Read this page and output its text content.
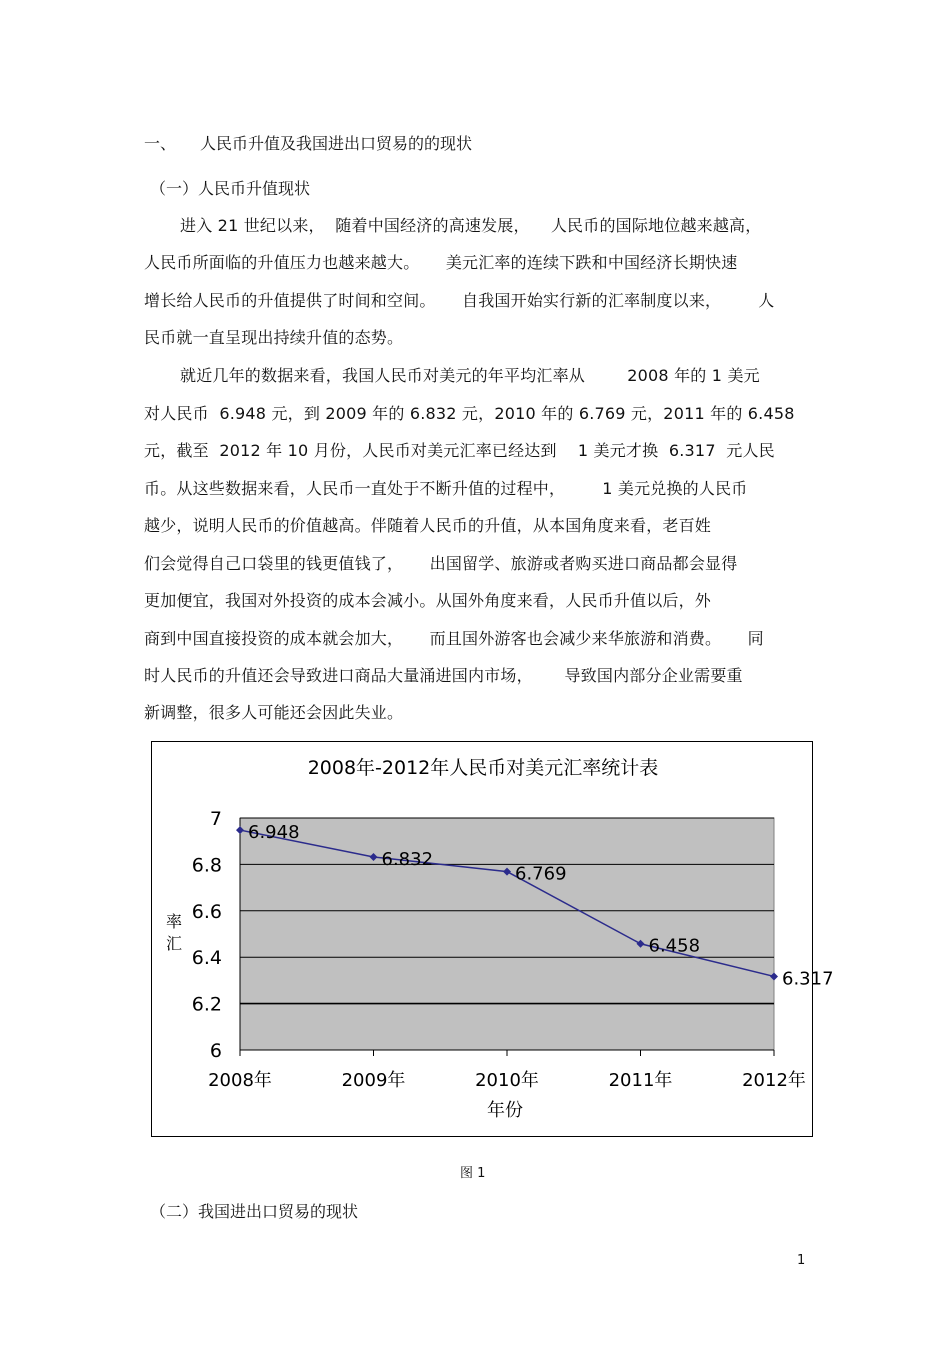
一、 人民币升值及我国进出口贸易的的现状
（一）人民币升值现状
进入 21 世纪以来，  随着中国经济的高速发展，    人民币的国际地位越来越高，
人民币所面临的升值压力也越来越大。     美元汇率的连续下跌和中国经济长期快速
增长给人民币的升值提供了时间和空间。     自我国开始实行新的汇率制度以来，       人
民币就一直呈现出持续升值的态势。
就近几年的数据来看，我国人民币对美元的年平均汇率从        2008 年的 1 美元
对人民币  6.948 元，到 2009 年的 6.832 元，2010 年的 6.769 元，2011 年的 6.458
元，截至  2012 年 10 月份，人民币对美元汇率已经达到    1 美元才换  6.317  元人民
币。从这些数据来看，人民币一直处于不断升值的过程中，       1 美元兑换的人民币
越少，说明人民币的价值越高。伴随着人民币的升值，从本国角度来看，老百姓
们会觉得自己口袋里的钱更值钱了，     出国留学、旅游或者购买进口商品都会显得
更加便宜，我国对外投资的成本会减小。从国外角度来看，人民币升值以后，外
商到中国直接投资的成本就会加大，     而且国外游客也会减少来华旅游和消费。     同
时人民币的升值还会导致进口商品大量涌进国内市场，      导致国内部分企业需要重
新调整，很多人可能还会因此失业。
2008年-2012年人民币对美元汇率统计表
6
6.2
6.4
6.6
6.8
7
2008年	2009年	2010年	2011年	2012年
年份
率
汇
6.948
6.832
6.769
6.458
6.317
图 1
（二）我国进出口贸易的现状
1
